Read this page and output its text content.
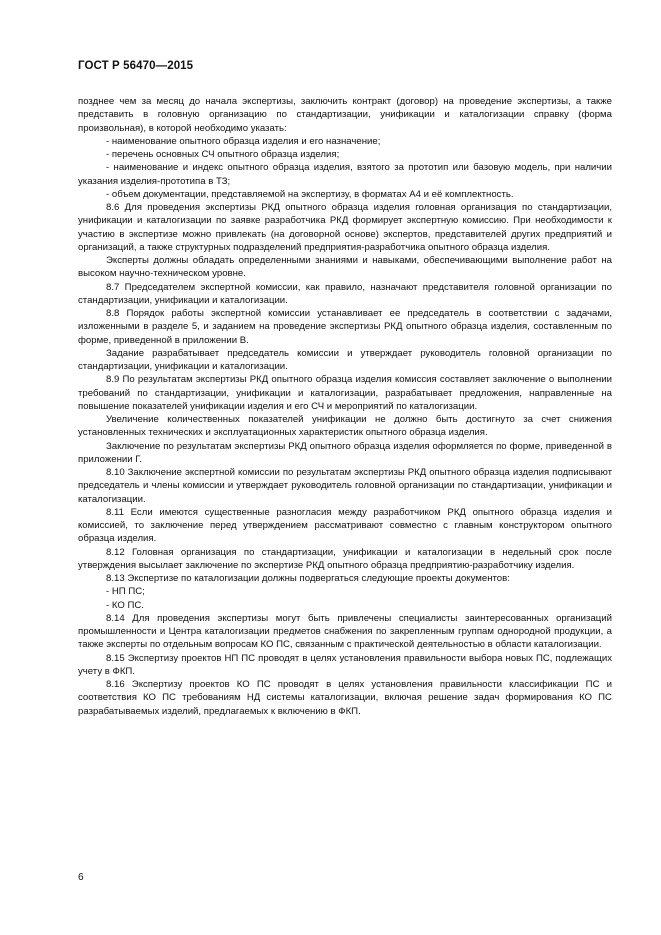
ГОСТ Р 56470—2015

позднее чем за месяц до начала экспертизы, заключить контракт (договор) на проведение экспертизы, а также представить в головную организацию по стандартизации, унификации и каталогизации справку (форма произвольная), в которой необходимо указать:

- наименование опытного образца изделия и его назначение;

- перечень основных СЧ опытного образца изделия;

- наименование и индекс опытного образца изделия, взятого за прототип или базовую модель, при наличии указания изделия-прототипа в ТЗ;

- объем документации, представляемой на экспертизу, в форматах А4 и её комплектность.

8.6 Для проведения экспертизы РКД опытного образца изделия головная организация по стандартизации, унификации и каталогизации по заявке разработчика РКД формирует экспертную комиссию. При необходимости к участию в экспертизе можно привлекать (на договорной основе) экспертов, представителей других предприятий и организаций, а также структурных подразделений предприятия-разработчика опытного образца изделия.

Эксперты должны обладать определенными знаниями и навыками, обеспечивающими выполнение работ на высоком научно-техническом уровне.

8.7 Председателем экспертной комиссии, как правило, назначают представителя головной организации по стандартизации, унификации и каталогизации.

8.8 Порядок работы экспертной комиссии устанавливает ее председатель в соответствии с задачами, изложенными в разделе 5, и заданием на проведение экспертизы РКД опытного образца изделия, составленным по форме, приведенной в приложении В.

Задание разрабатывает председатель комиссии и утверждает руководитель головной организации по стандартизации, унификации и каталогизации.

8.9 По результатам экспертизы РКД опытного образца изделия комиссия составляет заключение о выполнении требований по стандартизации, унификации и каталогизации, разрабатывает предложения, направленные на повышение показателей унификации изделия и его СЧ и мероприятий по каталогизации.

Увеличение количественных показателей унификации не должно быть достигнуто за счет снижения установленных технических и эксплуатационных характеристик опытного образца изделия.

Заключение по результатам экспертизы РКД опытного образца изделия оформляется по форме, приведенной в приложении Г.

8.10 Заключение экспертной комиссии по результатам экспертизы РКД опытного образца изделия подписывают председатель и члены комиссии и утверждает руководитель головной организации по стандартизации, унификации и каталогизации.

8.11 Если имеются существенные разногласия между разработчиком РКД опытного образца изделия и комиссией, то заключение перед утверждением рассматривают совместно с главным конструктором опытного образца изделия.

8.12 Головная организация по стандартизации, унификации и каталогизации в недельный срок после утверждения высылает заключение по экспертизе РКД опытного образца предприятию-разработчику изделия.

8.13 Экспертизе по каталогизации должны подвергаться следующие проекты документов:

- НП ПС;

- КО ПС.

8.14 Для проведения экспертизы могут быть привлечены специалисты заинтересованных организаций промышленности и Центра каталогизации предметов снабжения по закрепленным группам однородной продукции, а также эксперты по отдельным вопросам КО ПС, связанным с практической деятельностью в области каталогизации.

8.15 Экспертизу проектов НП ПС проводят в целях установления правильности выбора новых ПС, подлежащих учету в ФКП.

8.16 Экспертизу проектов КО ПС проводят в целях установления правильности классификации ПС и соответствия КО ПС требованиям НД системы каталогизации, включая решение задач формирования КО ПС разрабатываемых изделий, предлагаемых к включению в ФКП.

6
